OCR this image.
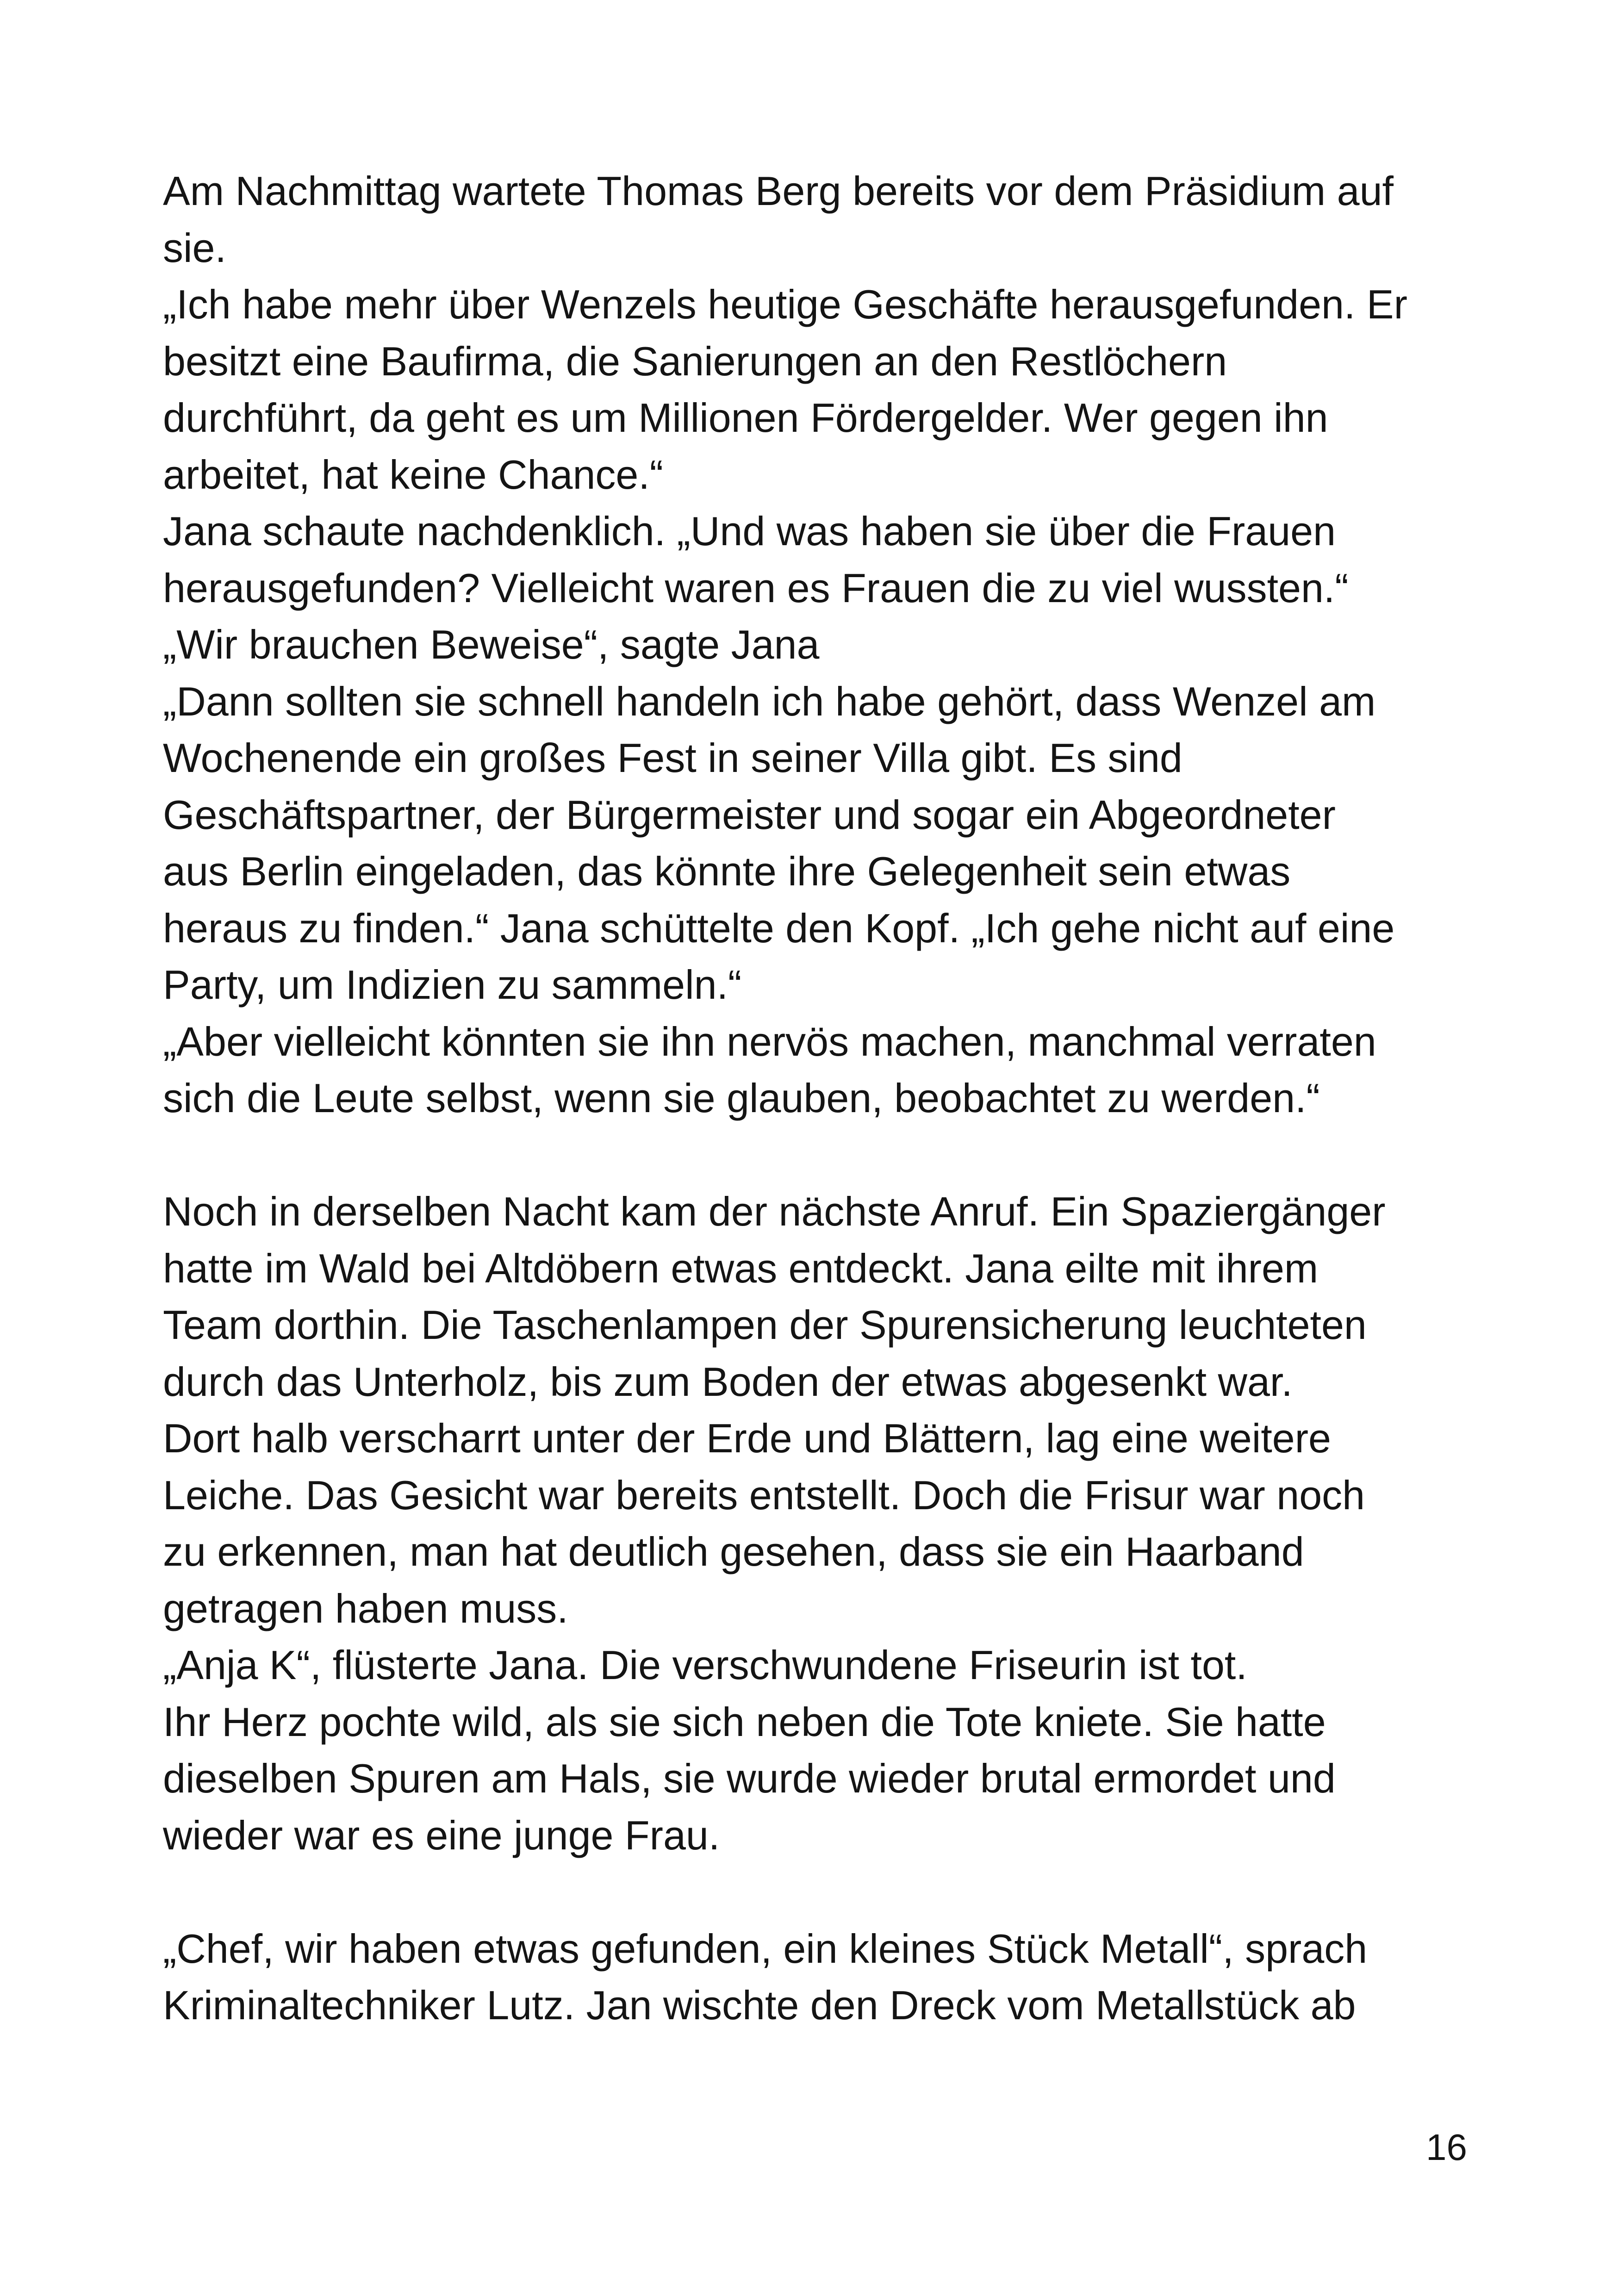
Am Nachmittag wartete Thomas Berg bereits vor dem Präsidium auf
sie.
„Ich habe mehr über Wenzels heutige Geschäfte herausgefunden. Er
besitzt eine Baufirma, die Sanierungen an den Restlöchern
durchführt, da geht es um Millionen Fördergelder. Wer gegen ihn
arbeitet, hat keine Chance.“
Jana schaute nachdenklich. „Und was haben sie über die Frauen
herausgefunden? Vielleicht waren es Frauen die zu viel wussten.“
„Wir brauchen Beweise“, sagte Jana
„Dann sollten sie schnell handeln ich habe gehört, dass Wenzel am
Wochenende ein großes Fest in seiner Villa gibt. Es sind
Geschäftspartner, der Bürgermeister und sogar ein Abgeordneter
aus Berlin eingeladen, das könnte ihre Gelegenheit sein etwas
heraus zu finden.“ Jana schüttelte den Kopf. „Ich gehe nicht auf eine
Party, um Indizien zu sammeln.“
„Aber vielleicht könnten sie ihn nervös machen, manchmal verraten
sich die Leute selbst, wenn sie glauben, beobachtet zu werden.“
Noch in derselben Nacht kam der nächste Anruf. Ein Spaziergänger
hatte im Wald bei Altdöbern etwas entdeckt. Jana eilte mit ihrem
Team dorthin. Die Taschenlampen der Spurensicherung leuchteten
durch das Unterholz, bis zum Boden der etwas abgesenkt war.
Dort halb verscharrt unter der Erde und Blättern, lag eine weitere
Leiche. Das Gesicht war bereits entstellt. Doch die Frisur war noch
zu erkennen, man hat deutlich gesehen, dass sie ein Haarband
getragen haben muss.
„Anja K“, flüsterte Jana. Die verschwundene Friseurin ist tot.
Ihr Herz pochte wild, als sie sich neben die Tote kniete. Sie hatte
dieselben Spuren am Hals, sie wurde wieder brutal ermordet und
wieder war es eine junge Frau.
„Chef, wir haben etwas gefunden, ein kleines Stück Metall“, sprach
Kriminaltechniker Lutz. Jan wischte den Dreck vom Metallstück ab
16
